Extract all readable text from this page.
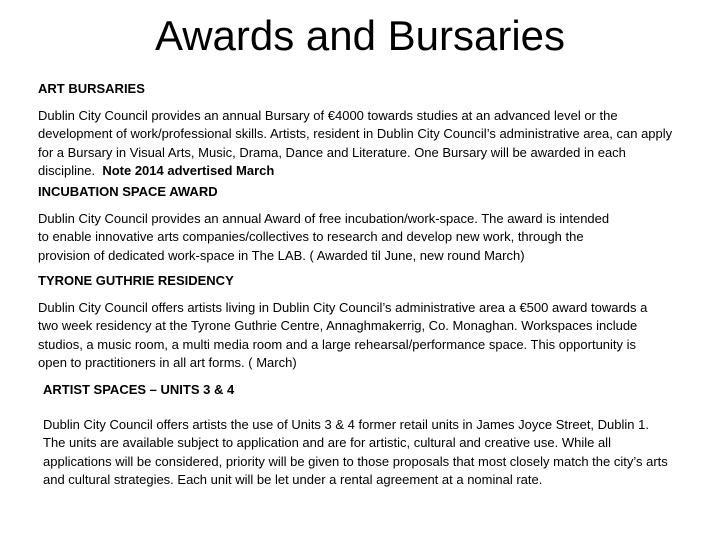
Awards and Bursaries

ART BURSARIES

Dublin City Council provides an annual Bursary of €4000 towards studies at an advanced level or the development of work/professional skills. Artists, resident in Dublin City Council’s administrative area, can apply for a Bursary in Visual Arts, Music, Drama, Dance and Literature. One Bursary will be awarded in each discipline. Note 2014 advertised March

INCUBATION SPACE AWARD

Dublin City Council provides an annual Award of free incubation/work-space. The award is intended to enable innovative arts companies/collectives to research and develop new work, through the provision of dedicated work-space in The LAB. ( Awarded til June, new round March)

TYRONE GUTHRIE RESIDENCY

Dublin City Council offers artists living in Dublin City Council’s administrative area a €500 award towards a two week residency at the Tyrone Guthrie Centre, Annaghmakerrig, Co. Monaghan. Workspaces include studios, a music room, a multi media room and a large rehearsal/performance space. This opportunity is open to practitioners in all art forms. ( March)

ARTIST SPACES – UNITS 3 & 4

Dublin City Council offers artists the use of Units 3 & 4 former retail units in James Joyce Street, Dublin 1. The units are available subject to application and are for artistic, cultural and creative use. While all applications will be considered, priority will be given to those proposals that most closely match the city’s arts and cultural strategies. Each unit will be let under a rental agreement at a nominal rate.
